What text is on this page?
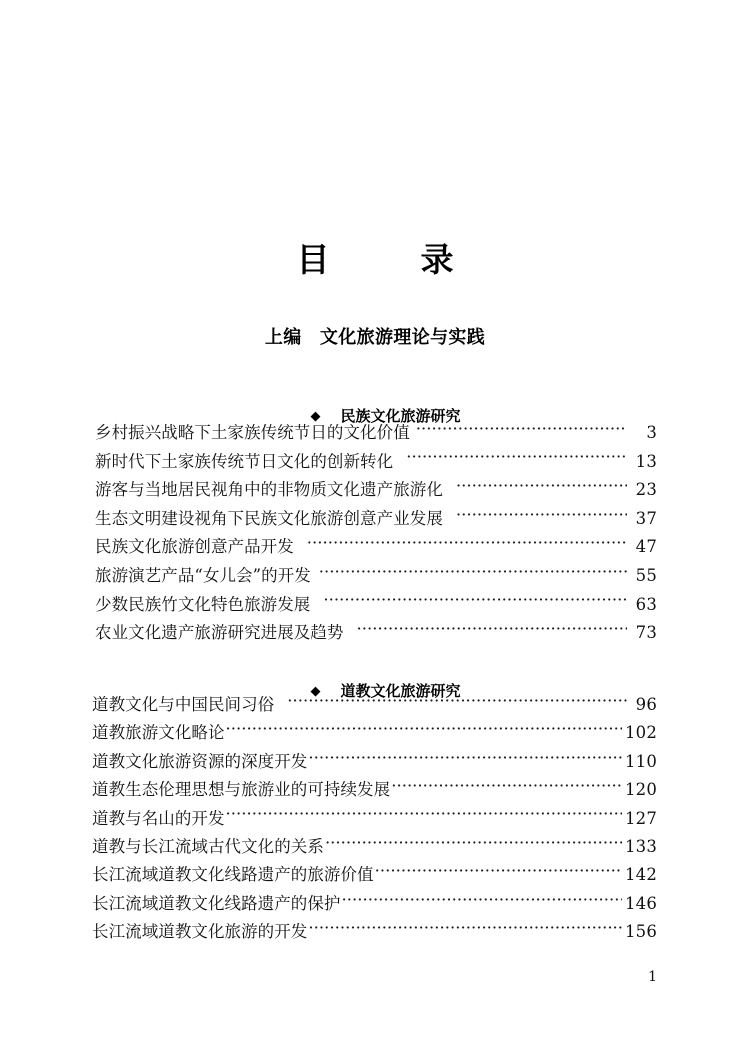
目　录
上编　文化旅游理论与实践

◆ 民族文化旅游研究

乡村振兴战略下土家族传统节日的文化价值 ·····	3
新时代下土家族传统节日文化的创新转化 ·····	13
游客与当地居民视角中的非物质文化遗产旅游化 ·····	23
生态文明建设视角下民族文化旅游创意产业发展 ·····	37
民族文化旅游创意产品开发 ·····	47
旅游演艺产品“女儿会”的开发 ·····	55
少数民族竹文化特色旅游发展 ·····	63
农业文化遗产旅游研究进展及趋势 ·····	73

◆ 道教文化旅游研究

道教文化与中国民间习俗 ·····	96
道教旅游文化略论 ·····	102
道教文化旅游资源的深度开发 ·····	110
道教生态伦理思想与旅游业的可持续发展 ·····	120
道教与名山的开发 ·····	127
道教与长江流域古代文化的关系 ·····	133
长江流域道教文化线路遗产的旅游价值 ·····	142
长江流域道教文化线路遗产的保护 ·····	146
长江流域道教文化旅游的开发 ·····	156
1
